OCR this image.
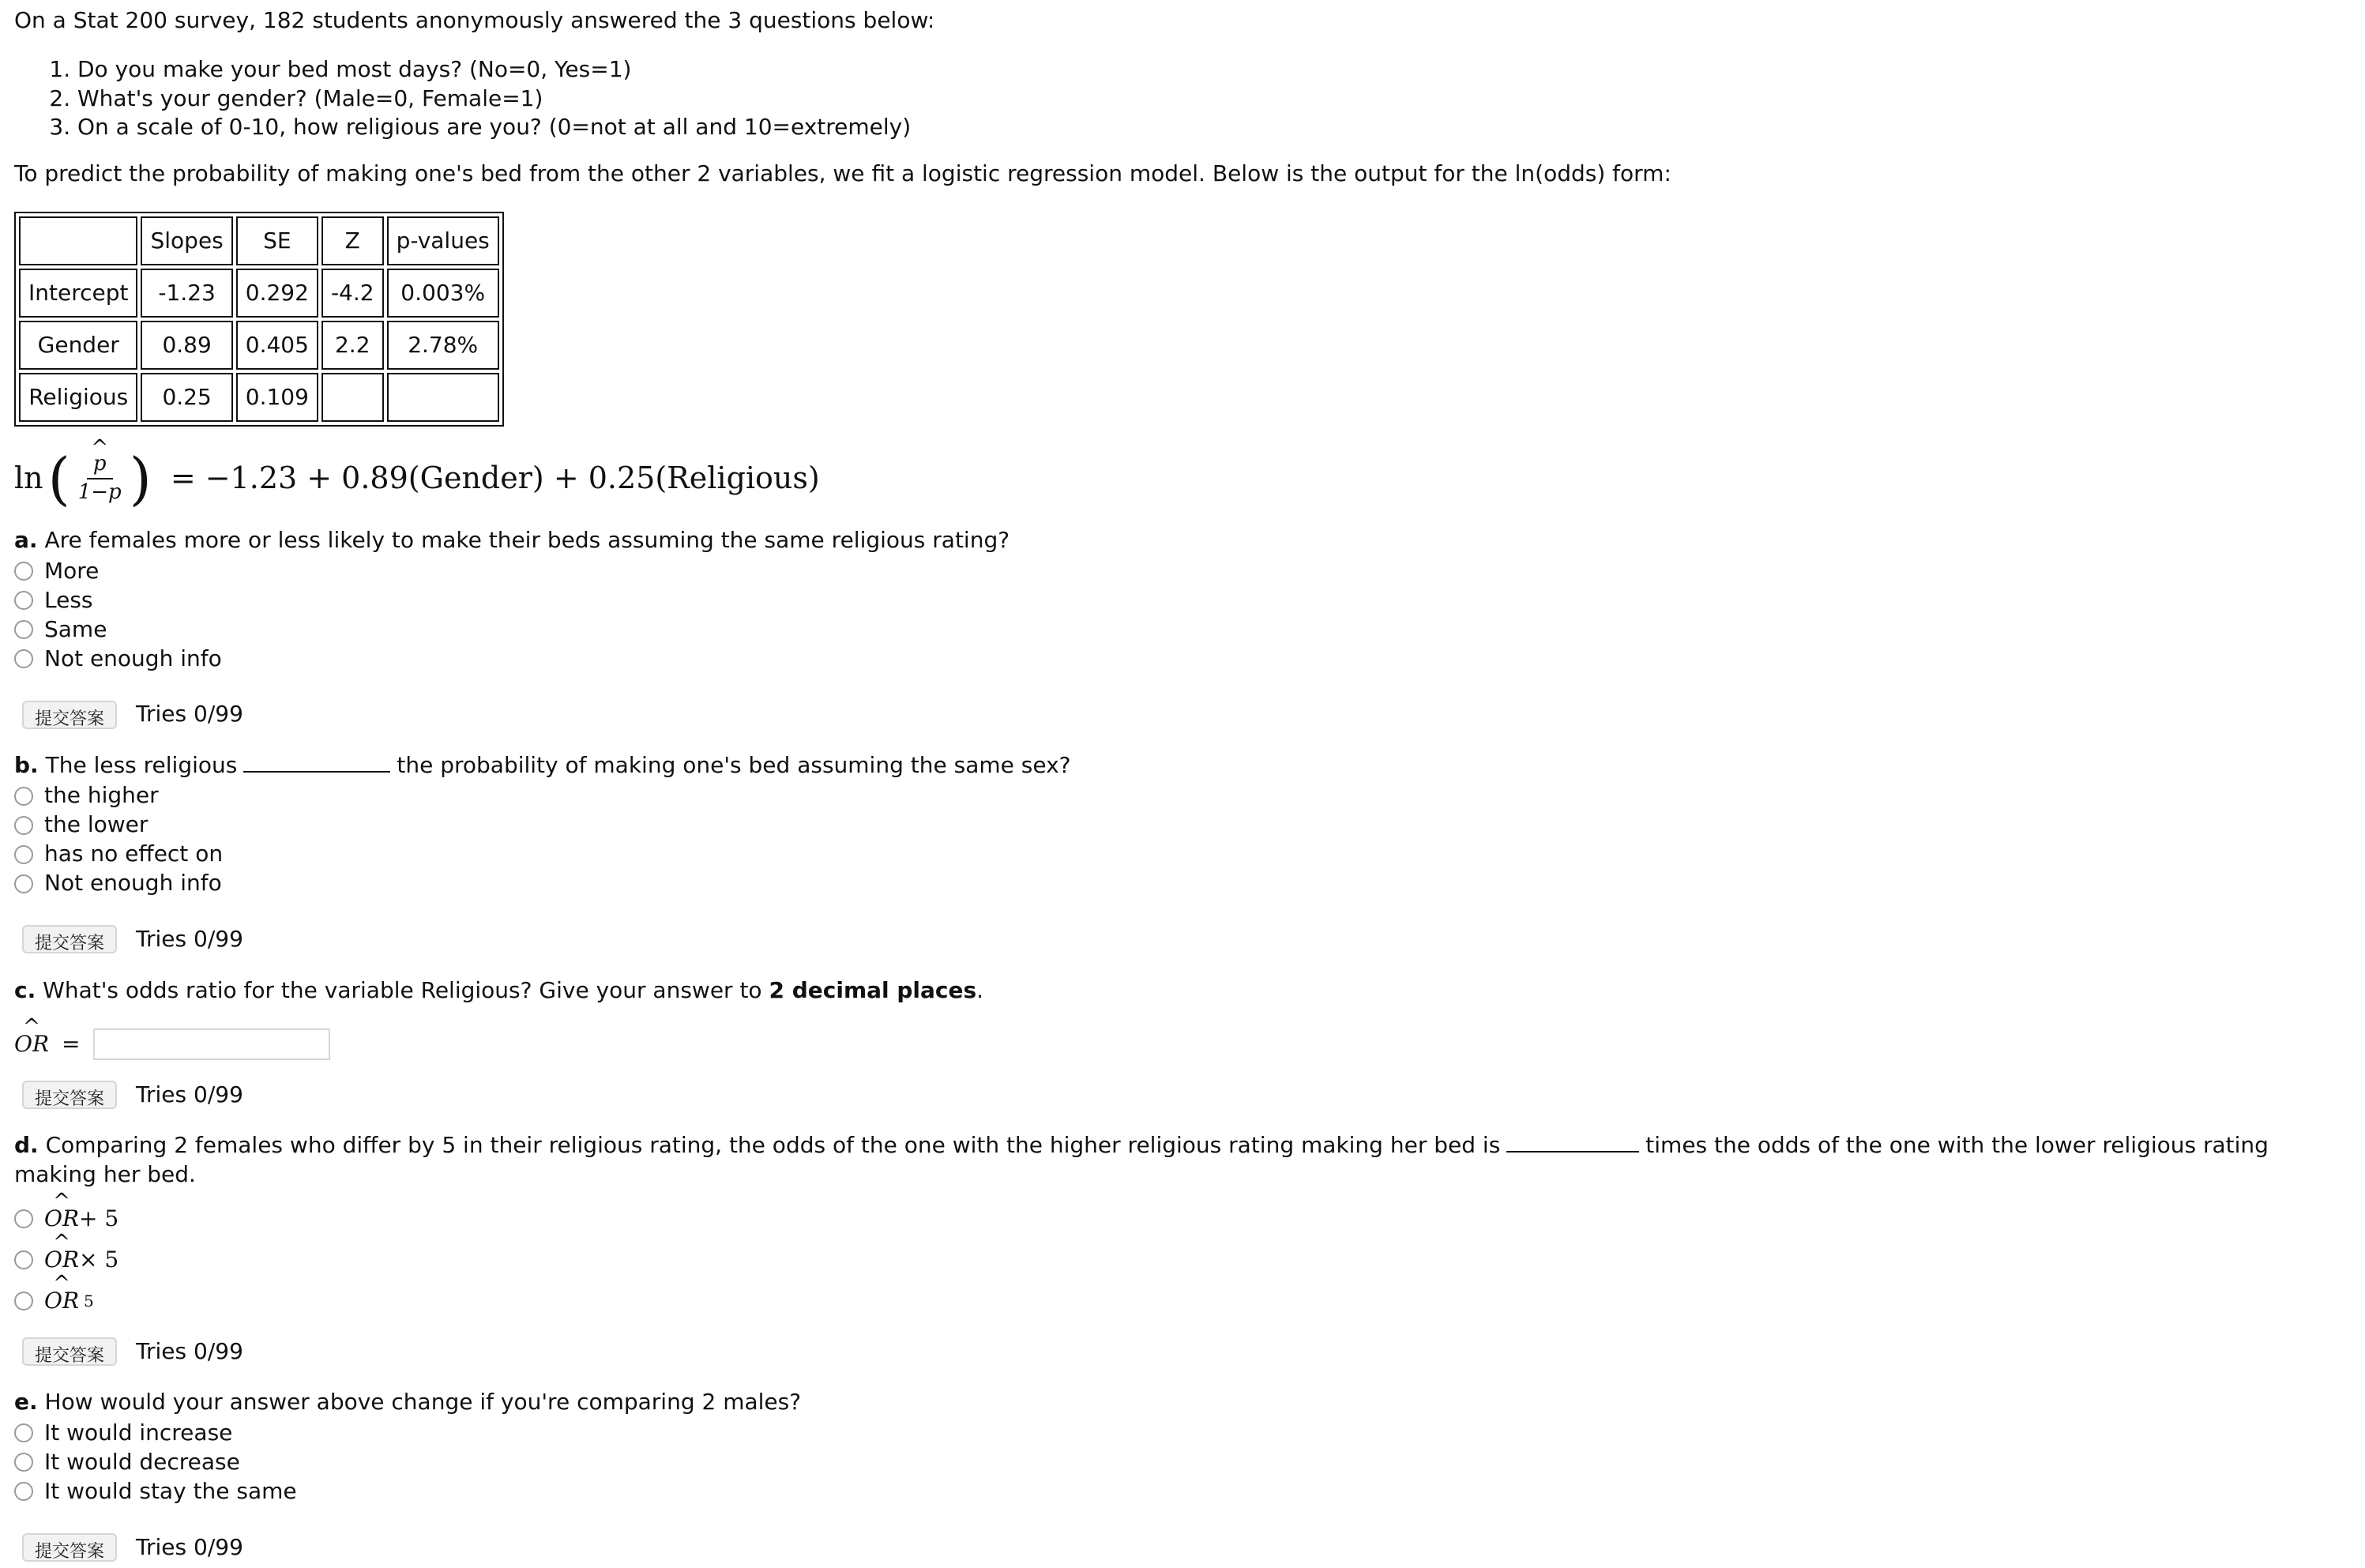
On a Stat 200 survey, 182 students anonymously answered the 3 questions below:

1. Do you make your bed most days? (No=0, Yes=1)
2. What's your gender? (Male=0, Female=1)
3. On a scale of 0-10, how religious are you? (0=not at all and 10=extremely)

To predict the probability of making one's bed from the other 2 variables, we fit a logistic regression model. Below is the output for the ln(odds) form:

	Slopes	SE	Z	p-values
Intercept	-1.23	0.292	-4.2	0.003%
Gender	0.89	0.405	2.2	2.78%
Religious	0.25	0.109		
ln ( ^ $\frac{p}{1-p}$ ) = −1.23 + 0.89(Gender) + 0.25(Religious)

a. Are females more or less likely to make their beds assuming the same religious rating?

More
Less
Same
Not enough info
提交答案	Tries 0/99

b. The less religious	the probability of making one's bed assuming the same sex?

the higher
the lower
has no effect on
Not enough info
提交答案	Tries 0/99

c. What's odds ratio for the variable Religious? Give your answer to 2 decimal places.

^ OR =
提交答案	Tries 0/99

d. Comparing 2 females who differ by 5 in their religious rating, the odds of the one with the higher religious rating making her bed is	times the odds of the one with the lower religious rating making her bed.

^ OR + 5
^ OR × 5
^ OR 5
提交答案	Tries 0/99

e. How would your answer above change if you're comparing 2 males?

It would increase
It would decrease
It would stay the same
提交答案	Tries 0/99
